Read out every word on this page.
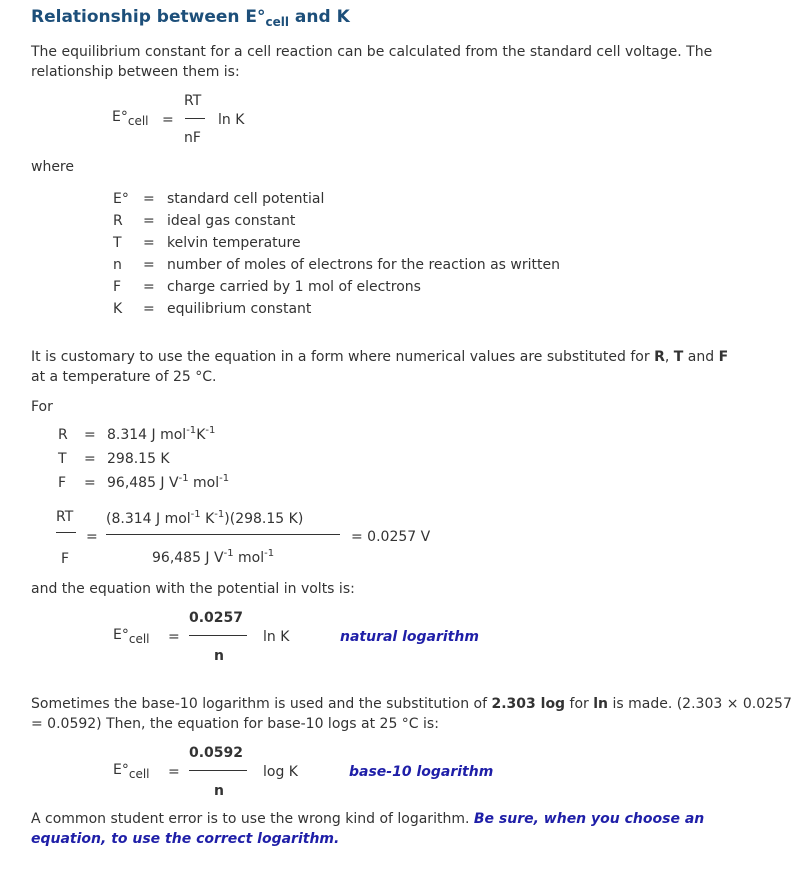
Relationship between $E^\circ_{cell}$ and K

The equilibrium constant for a cell reaction can be calculated from the standard cell voltage. The relationship between them is:

$E^\circ_{cell}$ =
RT
nF
ln K
where
E°	=	standard cell potential
R	=	ideal gas constant
T	=	kelvin temperature
n	=	number of moles of electrons for the reaction as written
F	=	charge carried by 1 mol of electrons
K	=	equilibrium constant

It is customary to use the equation in a form where numerical values are substituted for R, T and F
at a temperature of 25 °C.

For
R	=	8.314 J $mol^{-1}K^{-1}$
T	=	298.15 K
F	=	96,485 J $V^{-1}$ mol$^{-1}$
RT
F
=
(8.314 J mol$^{-1}$ $K^{-1})(298.15$ K)
96,485 J $V^{-1}$ mol$^{-1}$
= 0.0257 V
and the equation with the potential in volts is:
$E^\circ_{cell}$ =
0.0257
n
ln K	natural logarithm

Sometimes the base-10 logarithm is used and the substitution of 2.303 log for ln is made. (2.303 × 0.0257 = 0.0592) Then, the equation for base-10 logs at 25 °C is:

$E^\circ_{cell}$ =
0.0592
n
log K	base-10 logarithm

A common student error is to use the wrong kind of logarithm. Be sure, when you choose an equation, to use the correct logarithm.
